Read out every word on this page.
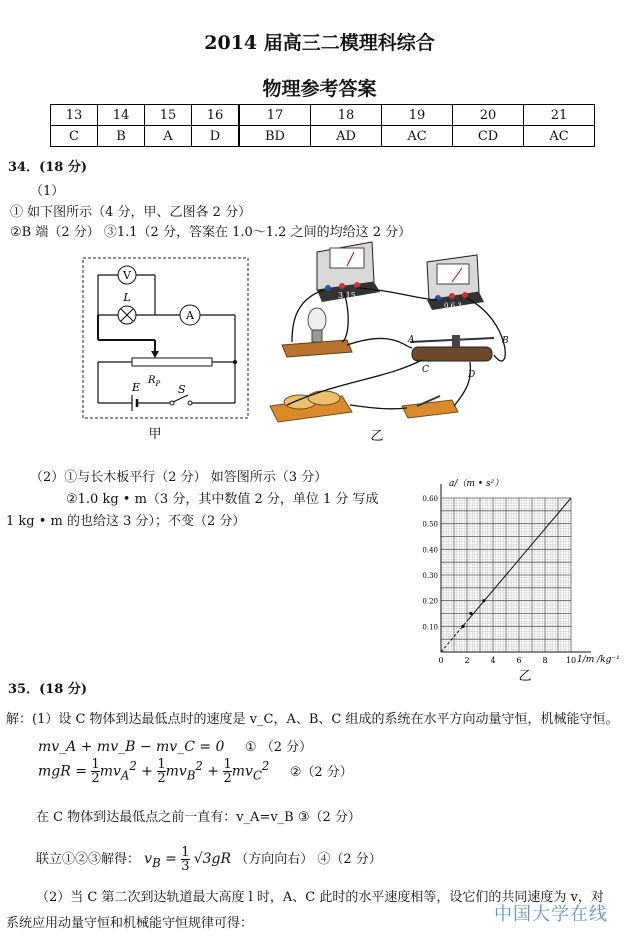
2014 届高三二模理科综合
物理参考答案
13	14	15	16	17	18	19	20	21
C	B	A	D	BD	AD	AC	CD	AC
34．(18 分)
（1）
① 如下图所示（4 分，甲、乙图各 2 分）
②B 端（2 分） ③1.1（2 分，答案在 1.0～1.2 之间的均给这 2 分）
V
L
A
$R_P$
E	S
甲
3 15
0.6 3
A	B
C	D
乙
（2）①与长木板平行（2 分） 如答图所示（3 分）
②1.0 kg • m（3 分，其中数值 2 分，单位 1 分 写成
1 kg • m 的也给这 3 分）；不变（2 分）
0	2	4	6	8 10
0.10
0.20
0.30
0.40
0.50
0.60
a/（m • s²）
1/m /kg⁻¹
乙
35．(18 分)
解：(1）设 C 物体到达最低点时的速度是 v_C，A、B、C 组成的系统在水平方向动量守恒，机械能守恒。
mv_A + mv_B − mv_C = 0 ① （2 分）
mgR = $\frac{1}{2} mv_A^2 + \frac{1}{2} mv_B^2 + \frac{1}{2} mv_C^2$ ②（2 分）
在 C 物体到达最低点之前一直有：v_A=v_B ③（2 分）
联立①②③解得： $v_B = \frac{1}{3} √3gR$ （方向向右） ④（2 分）
（2）当 C 第二次到达轨道最大高度 l 时，A、C 此时的水平速度相等，设它们的共同速度为 v，对
系统应用动量守恒和机械能守恒规律可得：	中国大学在线
